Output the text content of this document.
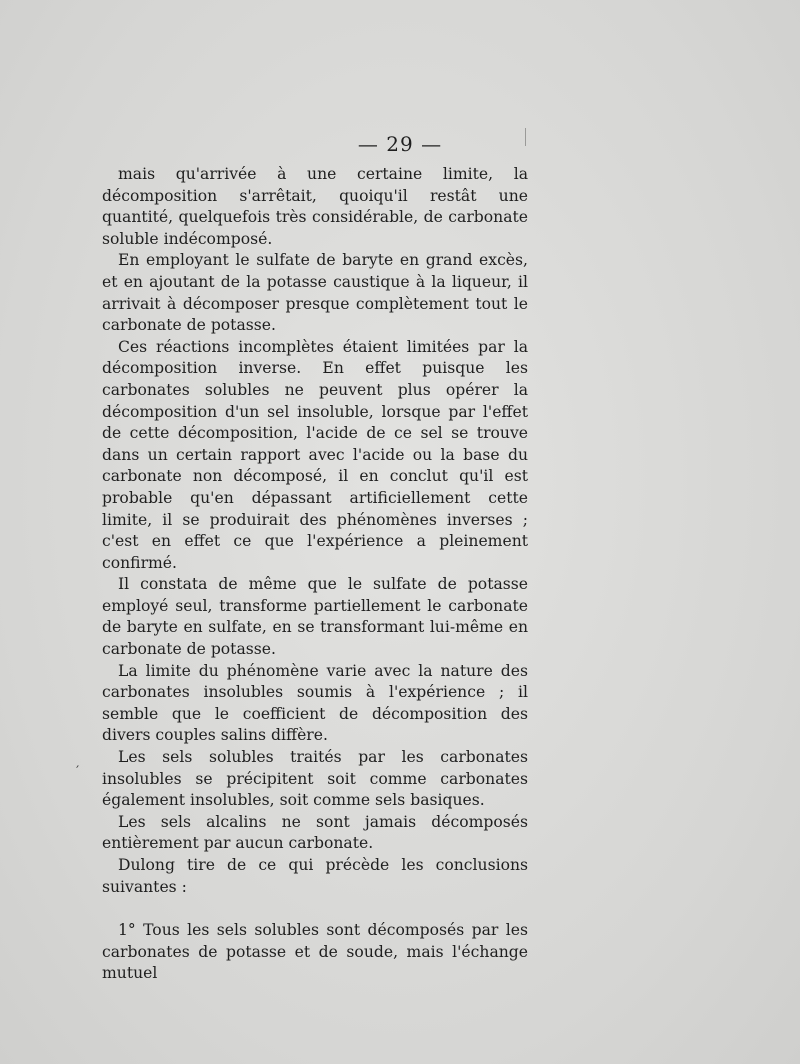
— 29 —

mais qu'arrivée à une certaine limite, la décomposition s'arrêtait, quoiqu'il restât une quantité, quelquefois très considérable, de carbonate soluble indécomposé.

En employant le sulfate de baryte en grand excès, et en ajoutant de la potasse caustique à la liqueur, il arrivait à décomposer presque complètement tout le carbonate de potasse.

Ces réactions incomplètes étaient limitées par la décomposition inverse. En effet puisque les carbonates solubles ne peuvent plus opérer la décomposition d'un sel insoluble, lorsque par l'effet de cette décomposition, l'acide de ce sel se trouve dans un certain rapport avec l'acide ou la base du carbonate non décomposé, il en conclut qu'il est probable qu'en dépassant artificiellement cette limite, il se produirait des phénomènes inverses ; c'est en effet ce que l'expérience a pleinement confirmé.

Il constata de même que le sulfate de potasse employé seul, transforme partiellement le carbonate de baryte en sulfate, en se transformant lui-même en carbonate de potasse.

La limite du phénomène varie avec la nature des carbonates insolubles soumis à l'expérience ; il semble que le coefficient de décomposition des divers couples salins diffère.

Les sels solubles traités par les carbonates insolubles se précipitent soit comme carbonates également insolubles, soit comme sels basiques.

Les sels alcalins ne sont jamais décomposés entièrement par aucun carbonate.

Dulong tire de ce qui précède les conclusions suivantes :

1° Tous les sels solubles sont décomposés par les carbonates de potasse et de soude, mais l'échange mutuel

′
